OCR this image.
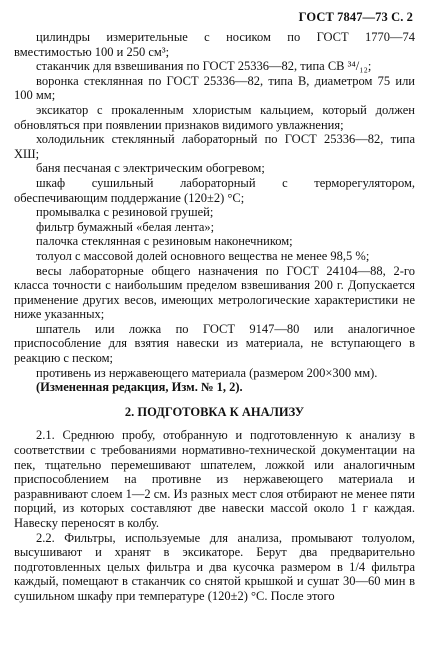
ГОСТ 7847—73 С. 2

цилиндры измерительные с носиком по ГОСТ 1770—74 вместимостью 100 и 250 см³;

стаканчик для взвешивания по ГОСТ 25336—82, типа СВ ³⁴/₁₂;

воронка стеклянная по ГОСТ 25336—82, типа В, диаметром 75 или 100 мм;

эксикатор с прокаленным хлористым кальцием, который должен обновляться при появлении признаков видимого увлажнения;

холодильник стеклянный лабораторный по ГОСТ 25336—82, типа ХШ;

баня песчаная с электрическим обогревом;

шкаф сушильный лабораторный с терморегулятором, обеспечивающим поддержание (120±2) °С;

промывалка с резиновой грушей;

фильтр бумажный «белая лента»;

палочка стеклянная с резиновым наконечником;

толуол с массовой долей основного вещества не менее 98,5 %;

весы лабораторные общего назначения по ГОСТ 24104—88, 2-го класса точности с наибольшим пределом взвешивания 200 г. Допускается применение других весов, имеющих метрологические характеристики не ниже указанных;

шпатель или ложка по ГОСТ 9147—80 или аналогичное приспособление для взятия навески из материала, не вступающего в реакцию с песком;

противень из нержавеющего материала (размером 200×300 мм).

(Измененная редакция, Изм. № 1, 2).

2. ПОДГОТОВКА К АНАЛИЗУ

2.1. Среднюю пробу, отобранную и подготовленную к анализу в соответствии с требованиями нормативно-технической документации на пек, тщательно перемешивают шпателем, ложкой или аналогичным приспособлением на противне из нержавеющего материала и разравнивают слоем 1—2 см. Из разных мест слоя отбирают не менее пяти порций, из которых составляют две навески массой около 1 г каждая. Навеску переносят в колбу.

2.2. Фильтры, используемые для анализа, промывают толуолом, высушивают и хранят в эксикаторе. Берут два предварительно подготовленных целых фильтра и два кусочка размером в 1/4 фильтра каждый, помещают в стаканчик со снятой крышкой и сушат 30—60 мин в сушильном шкафу при температуре (120±2) °С. После этого
